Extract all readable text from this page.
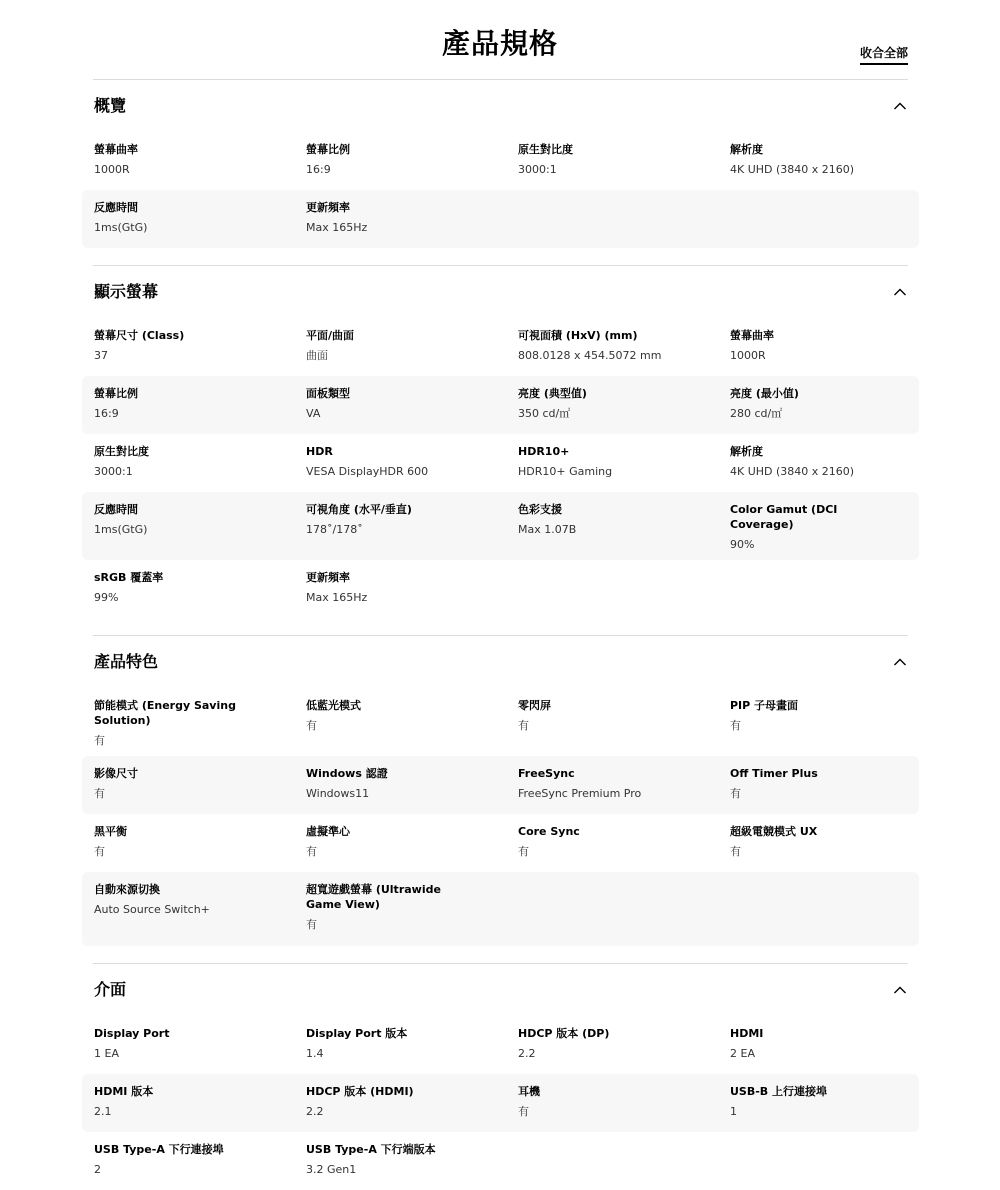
產品規格	收合全部
概覽
螢幕曲率
1000R
螢幕比例
16:9
原生對比度
3000:1
解析度
4K UHD (3840 x 2160)
反應時間
1ms(GtG)
更新頻率
Max 165Hz
顯示螢幕
螢幕尺寸 (Class)
37
平面/曲面
曲面
可視面積 (HxV) (mm)
808.0128 x 454.5072 mm
螢幕曲率
1000R
螢幕比例
16:9
面板類型
VA
亮度 (典型值)
350 cd/㎡
亮度 (最小值)
280 cd/㎡
原生對比度
3000:1
HDR
VESA DisplayHDR 600
HDR10+
HDR10+ Gaming
解析度
4K UHD (3840 x 2160)
反應時間
1ms(GtG)
可視角度 (水平/垂直)
178˚/178˚
色彩支援
Max 1.07B
Color Gamut (DCI Coverage)
90%
sRGB 覆蓋率
99%
更新頻率
Max 165Hz
產品特色
節能模式 (Energy Saving Solution)
有
低藍光模式
有
零閃屏
有
PIP 子母畫面
有
影像尺寸
有
Windows 認證
Windows11
FreeSync
FreeSync Premium Pro
Off Timer Plus
有
黑平衡
有
虛擬準心
有
Core Sync
有
超級電競模式 UX
有
自動來源切換
Auto Source Switch+
超寬遊戲螢幕 (Ultrawide Game View)
有
介面
Display Port
1 EA
Display Port 版本
1.4
HDCP 版本 (DP)
2.2
HDMI
2 EA
HDMI 版本
2.1
HDCP 版本 (HDMI)
2.2
耳機
有
USB-B 上行連接埠
1
USB Type-A 下行連接埠
2
USB Type-A 下行端版本
3.2 Gen1
